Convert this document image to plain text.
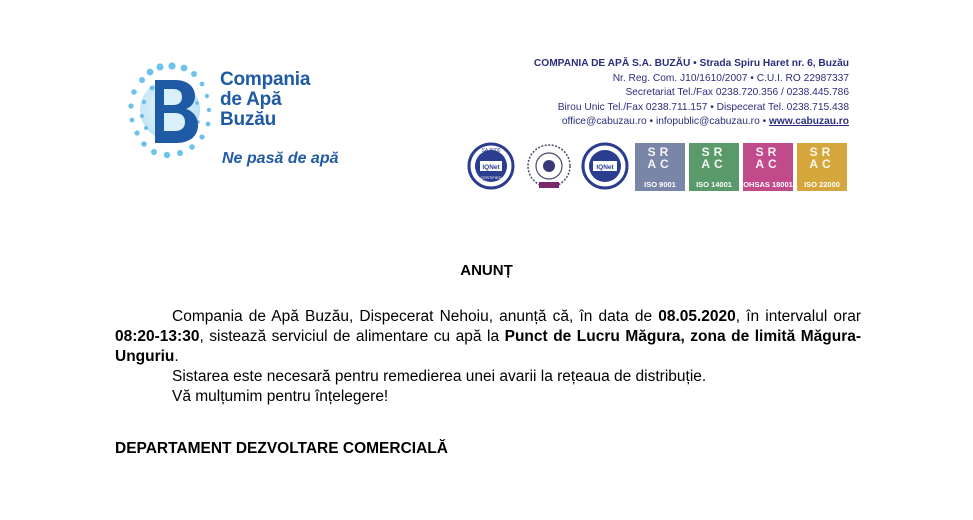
Compania
de Apă
Buzău
Ne pasă de apă
COMPANIA DE APĂ S.A. BUZĂU • Strada Spiru Haret nr. 6, Buzău
Nr. Reg. Com. J10/1610/2007 • C.U.I. RO 22987337
Secretariat Tel./Fax 0238.720.356 / 0238.445.786
Birou Unic Tel./Fax 0238.711.157 • Dispecerat Tel. 0238.715.438
office@cabuzau.ro • infopublic@cabuzau.ro • www.cabuzau.ro
SA 8000
IQNet
CERTIFIED
IQNet
SR
AC
ISO 9001
SR
AC
ISO 14001
SR
AC
OHSAS 18001
SR
AC
ISO 22000
ANUNȚ

Compania de Apă Buzău, Dispecerat Nehoiu, anunță că, în data de 08.05.2020, în intervalul orar 08:20-13:30, sistează serviciul de alimentare cu apă la Punct de Lucru Măgura, zona de limită Măgura-Unguriu.

Sistarea este necesară pentru remedierea unei avarii la rețeaua de distribuție.

Vă mulțumim pentru înțelegere!

DEPARTAMENT DEZVOLTARE COMERCIALĂ
